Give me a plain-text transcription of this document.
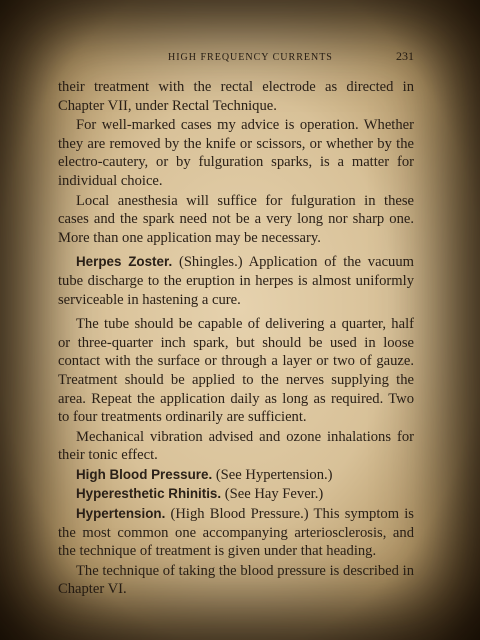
HIGH FREQUENCY CURRENTS	231

their treatment with the rectal electrode as directed in Chapter VII, under Rectal Technique.

For well-marked cases my advice is operation. Whether they are removed by the knife or scissors, or whether by the electro-cautery, or by fulguration sparks, is a matter for individual choice.

Local anesthesia will suffice for fulguration in these cases and the spark need not be a very long nor sharp one. More than one application may be necessary.

Herpes Zoster. (Shingles.) Application of the vacuum tube discharge to the eruption in herpes is almost uniformly serviceable in hastening a cure.

The tube should be capable of delivering a quarter, half or three-quarter inch spark, but should be used in loose contact with the surface or through a layer or two of gauze. Treatment should be applied to the nerves supplying the area. Repeat the application daily as long as required. Two to four treatments ordinarily are sufficient.

Mechanical vibration advised and ozone inhalations for their tonic effect.

High Blood Pressure. (See Hypertension.)

Hyperesthetic Rhinitis. (See Hay Fever.)

Hypertension. (High Blood Pressure.) This symptom is the most common one accompanying arteriosclerosis, and the technique of treatment is given under that heading.

The technique of taking the blood pressure is described in Chapter VI.
